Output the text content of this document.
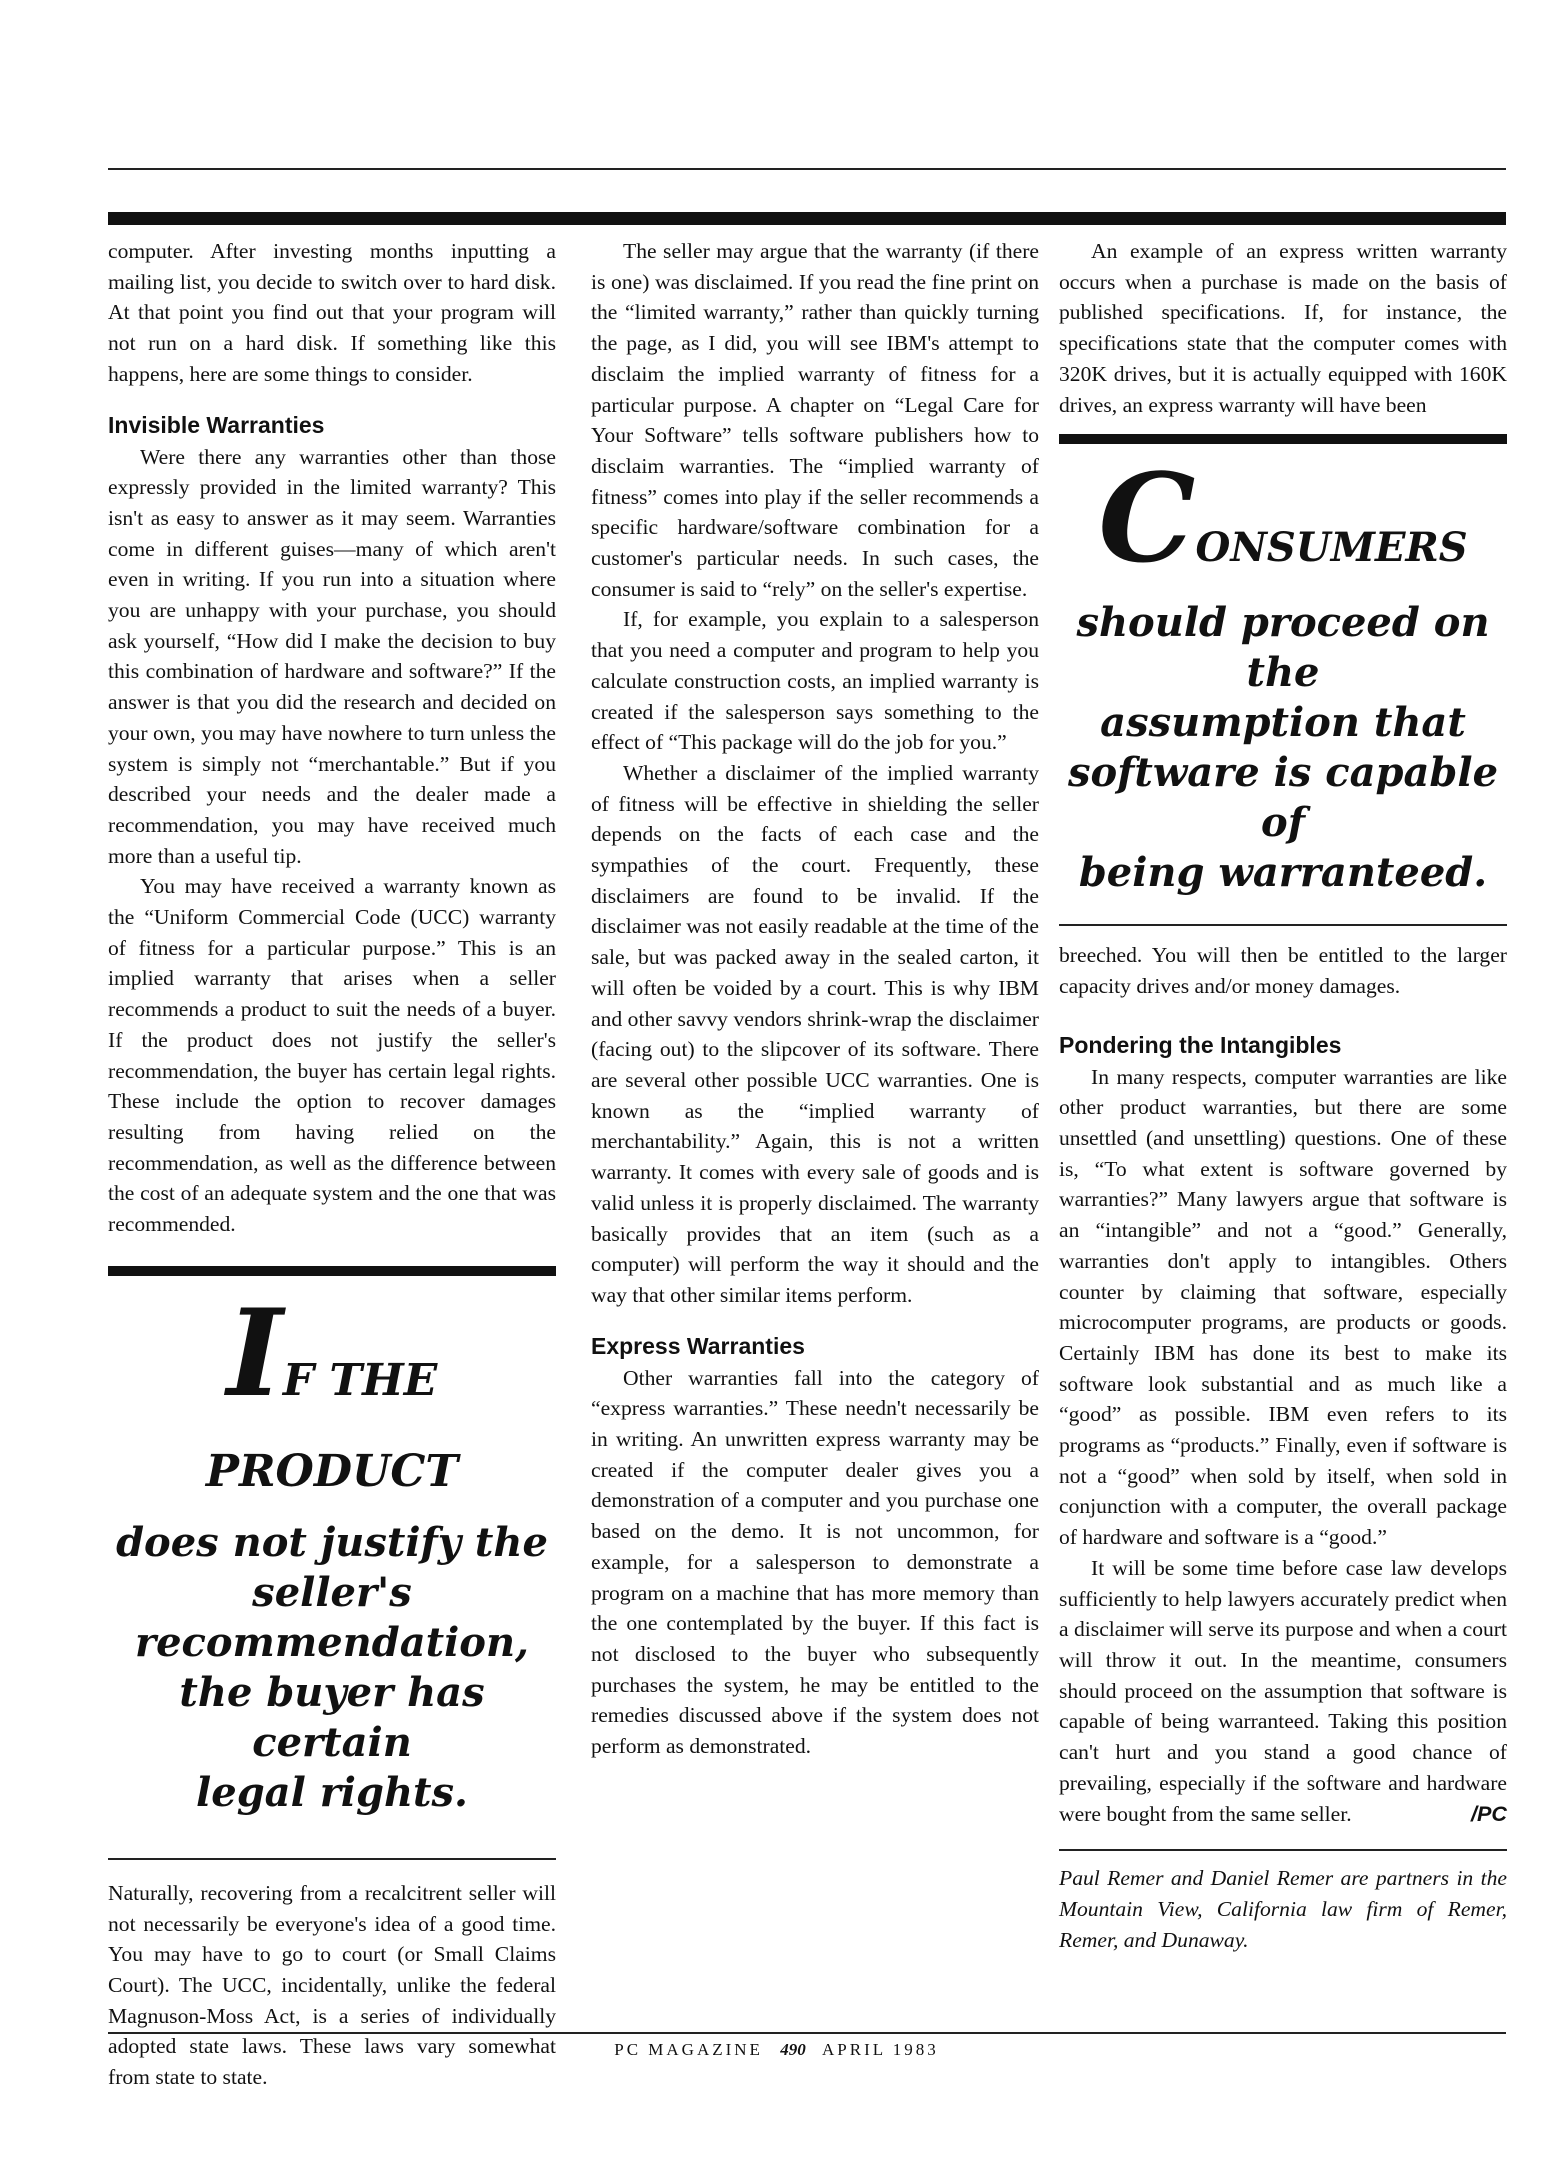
computer. After investing months inputting a mailing list, you decide to switch over to hard disk. At that point you find out that your program will not run on a hard disk. If something like this happens, here are some things to consider.

Invisible Warranties

Were there any warranties other than those expressly provided in the limited warranty? This isn't as easy to answer as it may seem. Warranties come in different guises—many of which aren't even in writing. If you run into a situation where you are unhappy with your purchase, you should ask yourself, “How did I make the decision to buy this combination of hardware and software?” If the answer is that you did the research and decided on your own, you may have nowhere to turn unless the system is simply not “merchantable.” But if you described your needs and the dealer made a recommendation, you may have received much more than a useful tip.

You may have received a warranty known as the “Uniform Commercial Code (UCC) warranty of fitness for a particular purpose.” This is an implied warranty that arises when a seller recommends a product to suit the needs of a buyer. If the product does not justify the seller's recommendation, the buyer has certain legal rights. These include the option to recover damages resulting from having relied on the recommendation, as well as the difference between the cost of an adequate system and the one that was recommended.

IF THE PRODUCT
does not justify the
seller's recommendation,
the buyer has certain
legal rights.

Naturally, recovering from a recalcitrent seller will not necessarily be everyone's idea of a good time. You may have to go to court (or Small Claims Court). The UCC, incidentally, unlike the federal Magnuson-Moss Act, is a series of individually adopted state laws. These laws vary somewhat from state to state.

The seller may argue that the warranty (if there is one) was disclaimed. If you read the fine print on the “limited warranty,” rather than quickly turning the page, as I did, you will see IBM's attempt to disclaim the implied warranty of fitness for a particular purpose. A chapter on “Legal Care for Your Software” tells software publishers how to disclaim warranties. The “implied warranty of fitness” comes into play if the seller recommends a specific hardware/software combination for a customer's particular needs. In such cases, the consumer is said to “rely” on the seller's expertise.

If, for example, you explain to a salesperson that you need a computer and program to help you calculate construction costs, an implied warranty is created if the salesperson says something to the effect of “This package will do the job for you.”

Whether a disclaimer of the implied warranty of fitness will be effective in shielding the seller depends on the facts of each case and the sympathies of the court. Frequently, these disclaimers are found to be invalid. If the disclaimer was not easily readable at the time of the sale, but was packed away in the sealed carton, it will often be voided by a court. This is why IBM and other savvy vendors shrink-wrap the disclaimer (facing out) to the slipcover of its software. There are several other possible UCC warranties. One is known as the “implied warranty of merchantability.” Again, this is not a written warranty. It comes with every sale of goods and is valid unless it is properly disclaimed. The warranty basically provides that an item (such as a computer) will perform the way it should and the way that other similar items perform.

Express Warranties

Other warranties fall into the category of “express warranties.” These needn't necessarily be in writing. An unwritten express warranty may be created if the computer dealer gives you a demonstration of a computer and you purchase one based on the demo. It is not uncommon, for example, for a salesperson to demonstrate a program on a machine that has more memory than the one contemplated by the buyer. If this fact is not disclosed to the buyer who subsequently purchases the system, he may be entitled to the remedies discussed above if the system does not perform as demonstrated.

An example of an express written warranty occurs when a purchase is made on the basis of published specifications. If, for instance, the specifications state that the computer comes with 320K drives, but it is actually equipped with 160K drives, an express warranty will have been

CONSUMERS
should proceed on the
assumption that
software is capable of
being warranteed.

breeched. You will then be entitled to the larger capacity drives and/or money damages.

Pondering the Intangibles

In many respects, computer warranties are like other product warranties, but there are some unsettled (and unsettling) questions. One of these is, “To what extent is software governed by warranties?” Many lawyers argue that software is an “intangible” and not a “good.” Generally, warranties don't apply to intangibles. Others counter by claiming that software, especially microcomputer programs, are products or goods. Certainly IBM has done its best to make its software look substantial and as much like a “good” as possible. IBM even refers to its programs as “products.” Finally, even if software is not a “good” when sold by itself, when sold in conjunction with a computer, the overall package of hardware and software is a “good.”

It will be some time before case law develops sufficiently to help lawyers accurately predict when a disclaimer will serve its purpose and when a court will throw it out. In the meantime, consumers should proceed on the assumption that software is capable of being warranteed. Taking this position can't hurt and you stand a good chance of prevailing, especially if the software and hardware were bought from the same seller.	/PC

Paul Remer and Daniel Remer are partners in the Mountain View, California law firm of Remer, Remer, and Dunaway.

PC MAGAZINE 490 APRIL 1983
